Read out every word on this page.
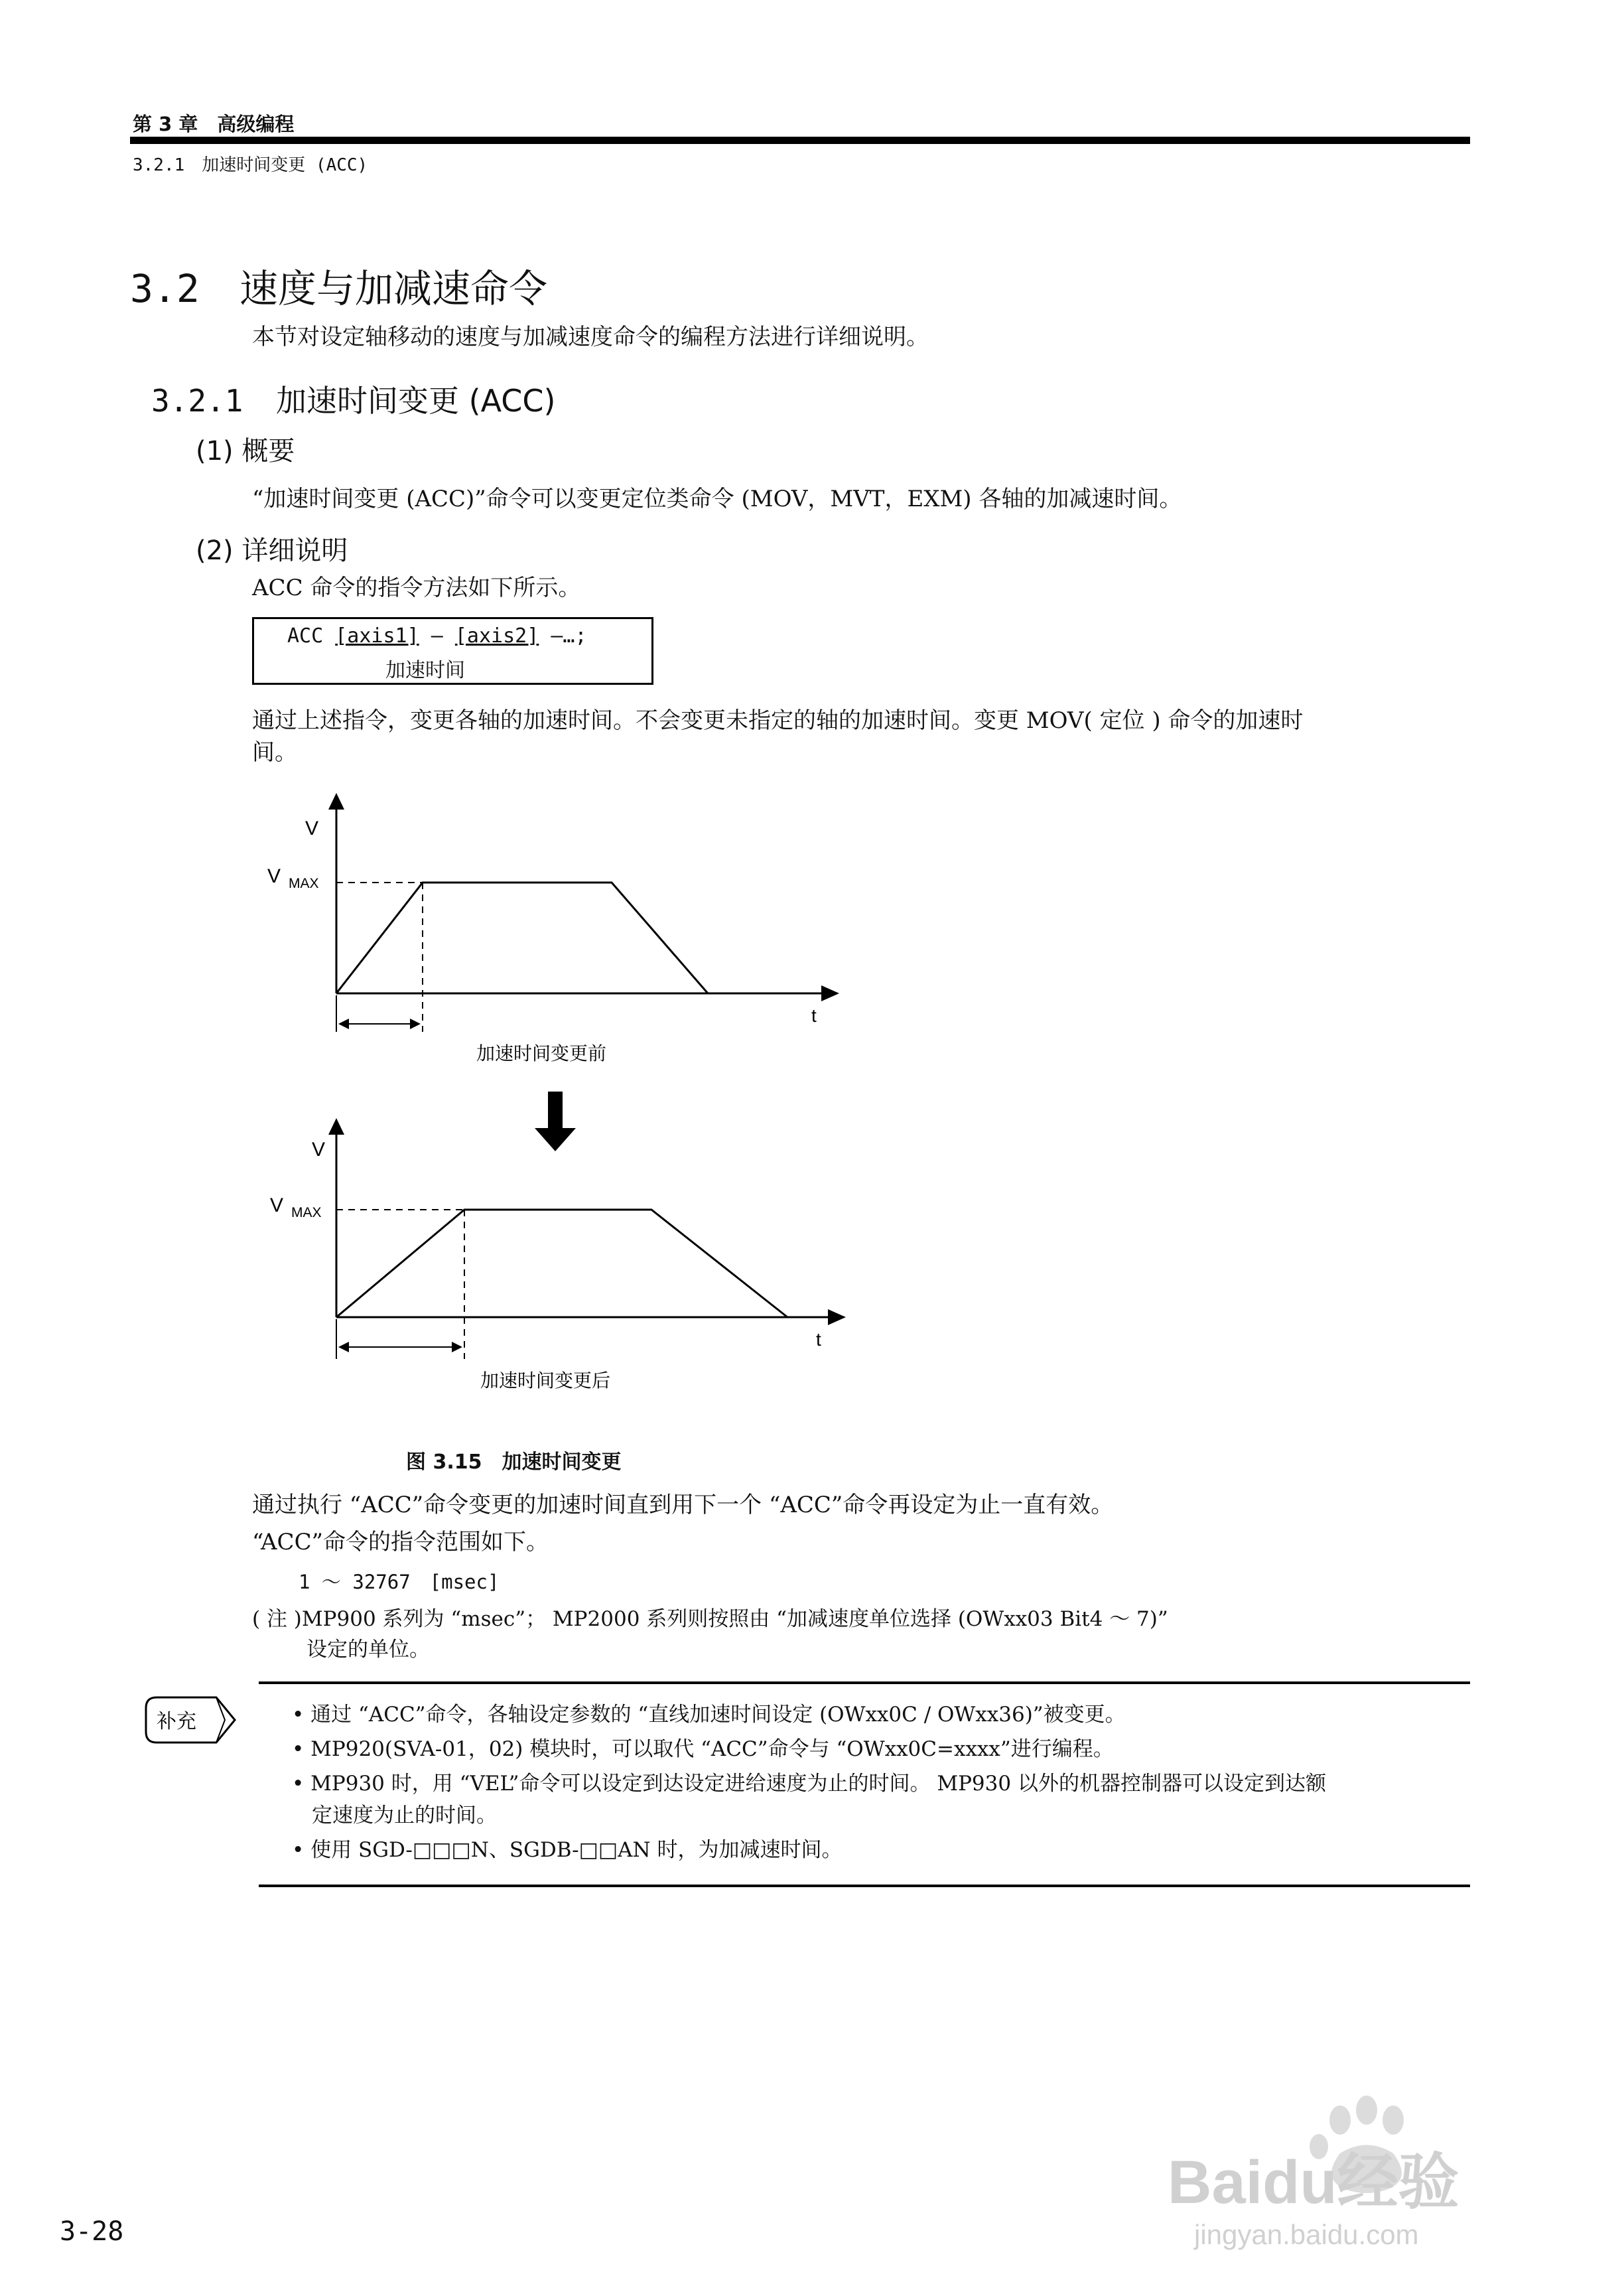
第 3 章　高级编程
3.2.1　加速时间变更 (ACC)
3.2 速度与加减速命令
本节对设定轴移动的速度与加减速度命令的编程方法进行详细说明。
3.2.1 加速时间变更 (ACC)
(1) 概要
“加速时间变更 (ACC)”命令可以变更定位类命令 (MOV，MVT，EXM) 各轴的加减速时间。
(2) 详细说明
ACC 命令的指令方法如下所示。
ACC [axis1] — [axis2] —…;
加速时间
通过上述指令，变更各轴的加速时间。不会变更未指定的轴的加速时间。变更 MOV( 定位 ) 命令的加速时
间。
V
V $_{MAX}$
t
加速时间变更前
V
V $_{MAX}$
t
加速时间变更后
图 3.15　加速时间变更
通过执行 “ACC”命令变更的加速时间直到用下一个 “ACC”命令再设定为止一直有效。
“ACC”命令的指令范围如下。
1 ～ 32767　[msec]
( 注 )MP900 系列为 “msec”； MP2000 系列则按照由 “加减速度单位选择 (OWxx03 Bit4 ～ 7)”
设定的单位。
补充	• 通过 “ACC”命令，各轴设定参数的 “直线加速时间设定 (OWxx0C / OWxx36)”被变更。
• MP920(SVA-01，02) 模块时，可以取代 “ACC”命令与 “OWxx0C=xxxx”进行编程。
• MP930 时，用 “VEL”命令可以设定到达设定进给速度为止的时间。 MP930 以外的机器控制器可以设定到达额
定速度为止的时间。
• 使用 SGD-□□□N、SGDB-□□AN 时，为加减速时间。
3-28
Baidu经验
jingyan.baidu.com
